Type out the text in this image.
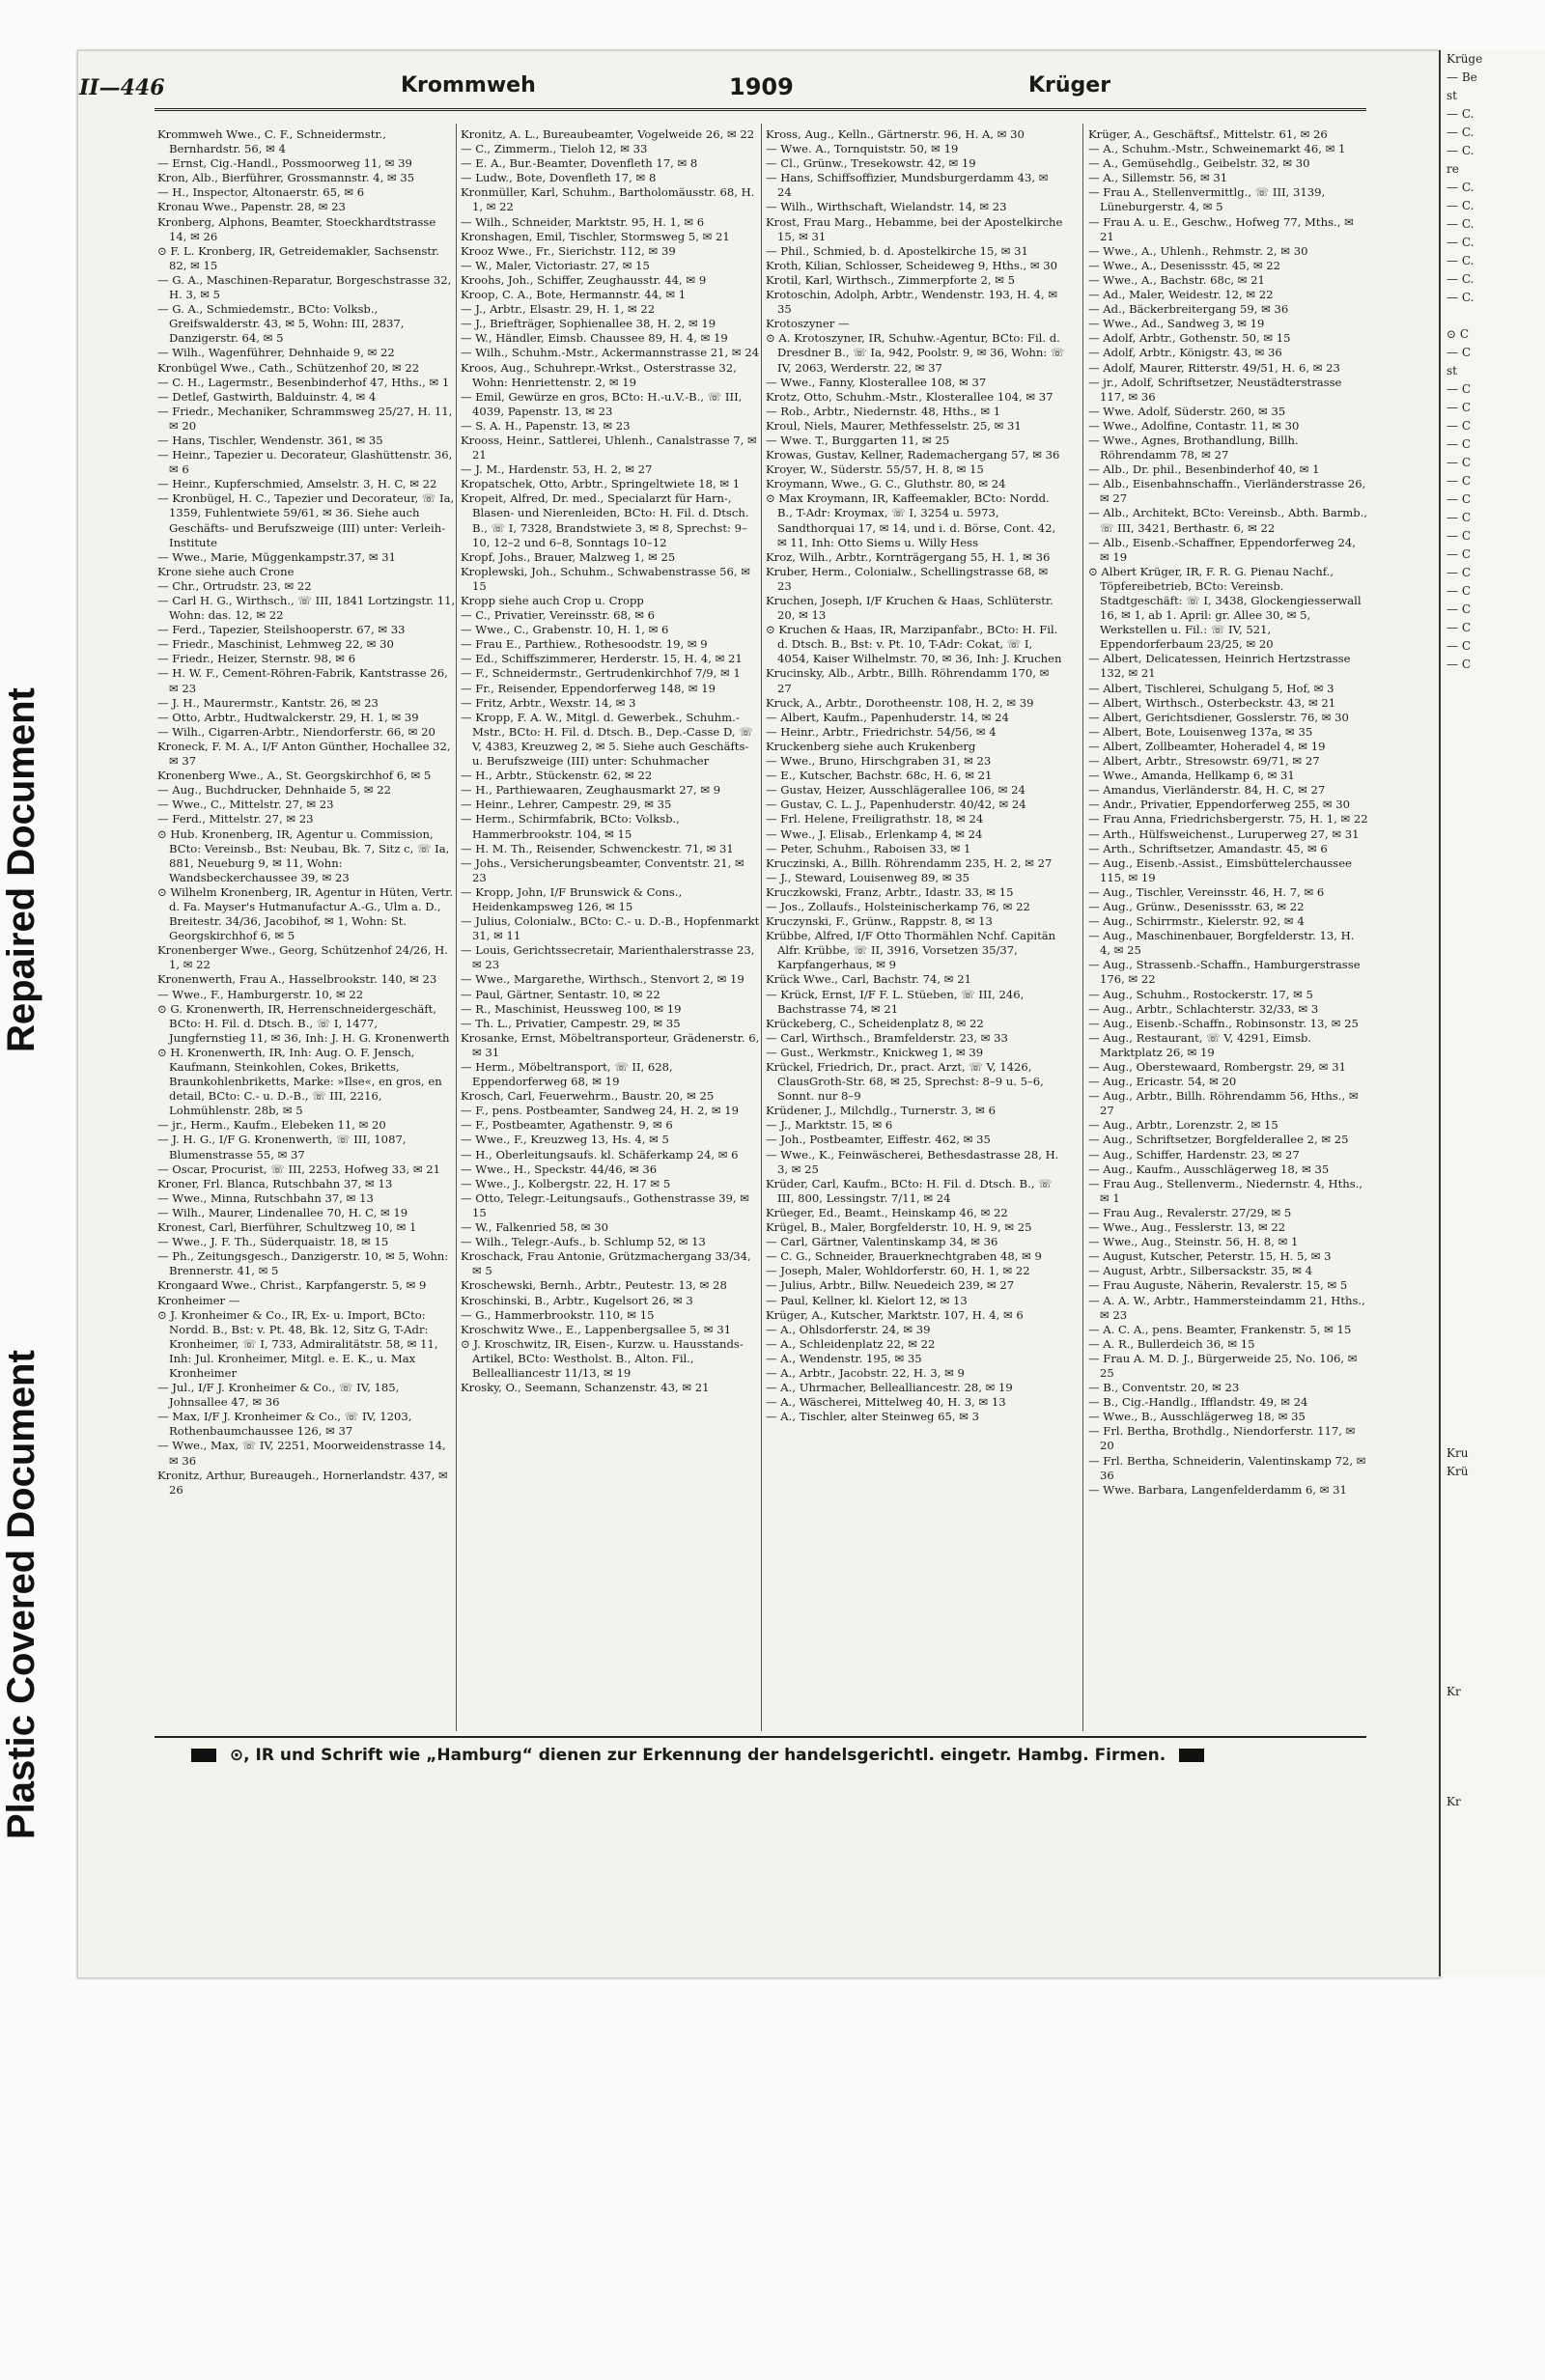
Repaired Document
Plastic Covered Document
Krüge
— Be
st
— C.
— C.
— C.
re
— C.
— C.
— C.
— C.
— C.
— C.
— C.

⊙ C
— C
st
— C
— C
— C
— C
— C
— C
— C
— C
— C
— C
— C
— C
— C
— C
— C
— C

Kru
Krü

Kr

Kr
II—446	Krommweh	1909	Krüger

Krommweh Wwe., C. F., Schneidermstr., Bernhardstr. 56, ✉ 4

— Ernst, Cig.-Handl., Possmoorweg 11, ✉ 39

Kron, Alb., Bierführer, Grossmannstr. 4, ✉ 35

— H., Inspector, Altonaerstr. 65, ✉ 6

Kronau Wwe., Papenstr. 28, ✉ 23

Kronberg, Alphons, Beamter, Stoeckhardtstrasse 14, ✉ 26

⊙ F. L. Kronberg, IR, Getreidemakler, Sachsenstr. 82, ✉ 15

— G. A., Maschinen-Reparatur, Borgeschstrasse 32, H. 3, ✉ 5

— G. A., Schmiedemstr., BCto: Volksb., Greifswalderstr. 43, ✉ 5, Wohn: III, 2837, Danzigerstr. 64, ✉ 5

— Wilh., Wagenführer, Dehnhaide 9, ✉ 22

Kronbügel Wwe., Cath., Schützenhof 20, ✉ 22

— C. H., Lagermstr., Besenbinderhof 47, Hths., ✉ 1

— Detlef, Gastwirth, Balduinstr. 4, ✉ 4

— Friedr., Mechaniker, Schrammsweg 25/27, H. 11, ✉ 20

— Hans, Tischler, Wendenstr. 361, ✉ 35

— Heinr., Tapezier u. Decorateur, Glashüttenstr. 36, ✉ 6

— Heinr., Kupferschmied, Amselstr. 3, H. C, ✉ 22

— Kronbügel, H. C., Tapezier und Decorateur, ☏ Ia, 1359, Fuhlentwiete 59/61, ✉ 36. Siehe auch Geschäfts- und Berufszweige (III) unter: Verleih-Institute

— Wwe., Marie, Müggenkampstr.37, ✉ 31

Krone siehe auch Crone

— Chr., Ortrudstr. 23, ✉ 22

— Carl H. G., Wirthsch., ☏ III, 1841 Lortzingstr. 11, Wohn: das. 12, ✉ 22

— Ferd., Tapezier, Steilshooperstr. 67, ✉ 33

— Friedr., Maschinist, Lehmweg 22, ✉ 30

— Friedr., Heizer, Sternstr. 98, ✉ 6

— H. W. F., Cement-Röhren-Fabrik, Kantstrasse 26, ✉ 23

— J. H., Maurermstr., Kantstr. 26, ✉ 23

— Otto, Arbtr., Hudtwalckerstr. 29, H. 1, ✉ 39

— Wilh., Cigarren-Arbtr., Niendorferstr. 66, ✉ 20

Kroneck, F. M. A., I/F Anton Günther, Hochallee 32, ✉ 37

Kronenberg Wwe., A., St. Georgskirchhof 6, ✉ 5

— Aug., Buchdrucker, Dehnhaide 5, ✉ 22

— Wwe., C., Mittelstr. 27, ✉ 23

— Ferd., Mittelstr. 27, ✉ 23

⊙ Hub. Kronenberg, IR, Agentur u. Commission, BCto: Vereinsb., Bst: Neubau, Bk. 7, Sitz c, ☏ Ia, 881, Neueburg 9, ✉ 11, Wohn: Wandsbeckerchaussee 39, ✉ 23

⊙ Wilhelm Kronenberg, IR, Agentur in Hüten, Vertr. d. Fa. Mayser's Hutmanufactur A.-G., Ulm a. D., Breitestr. 34/36, Jacobihof, ✉ 1, Wohn: St. Georgskirchhof 6, ✉ 5

Kronenberger Wwe., Georg, Schützenhof 24/26, H. 1, ✉ 22

Kronenwerth, Frau A., Hasselbrookstr. 140, ✉ 23

— Wwe., F., Hamburgerstr. 10, ✉ 22

⊙ G. Kronenwerth, IR, Herrenschneidergeschäft, BCto: H. Fil. d. Dtsch. B., ☏ I, 1477, Jungfernstieg 11, ✉ 36, Inh: J. H. G. Kronenwerth

⊙ H. Kronenwerth, IR, Inh: Aug. O. F. Jensch, Kaufmann, Steinkohlen, Cokes, Briketts, Braunkohlenbriketts, Marke: »Ilse«, en gros, en detail, BCto: C.- u. D.-B., ☏ III, 2216, Lohmühlenstr. 28b, ✉ 5

— jr., Herm., Kaufm., Elebeken 11, ✉ 20

— J. H. G., I/F G. Kronenwerth, ☏ III, 1087, Blumenstrasse 55, ✉ 37

— Oscar, Procurist, ☏ III, 2253, Hofweg 33, ✉ 21

Kroner, Frl. Blanca, Rutschbahn 37, ✉ 13

— Wwe., Minna, Rutschbahn 37, ✉ 13

— Wilh., Maurer, Lindenallee 70, H. C, ✉ 19

Kronest, Carl, Bierführer, Schultzweg 10, ✉ 1

— Wwe., J. F. Th., Süderquaistr. 18, ✉ 15

— Ph., Zeitungsgesch., Danzigerstr. 10, ✉ 5, Wohn: Brennerstr. 41, ✉ 5

Krongaard Wwe., Christ., Karpfangerstr. 5, ✉ 9

Kronheimer —

⊙ J. Kronheimer & Co., IR, Ex- u. Import, BCto: Nordd. B., Bst: v. Pt. 48, Bk. 12, Sitz G, T-Adr: Kronheimer, ☏ I, 733, Admiralitätstr. 58, ✉ 11, Inh: Jul. Kronheimer, Mitgl. e. E. K., u. Max Kronheimer

— Jul., I/F J. Kronheimer & Co., ☏ IV, 185, Johnsallee 47, ✉ 36

— Max, I/F J. Kronheimer & Co., ☏ IV, 1203, Rothenbaumchaussee 126, ✉ 37

— Wwe., Max, ☏ IV, 2251, Moorweidenstrasse 14, ✉ 36

Kronitz, Arthur, Bureaugeh., Hornerlandstr. 437, ✉ 26

Kronitz, A. L., Bureaubeamter, Vogelweide 26, ✉ 22

— C., Zimmerm., Tieloh 12, ✉ 33

— E. A., Bur.-Beamter, Dovenfleth 17, ✉ 8

— Ludw., Bote, Dovenfleth 17, ✉ 8

Kronmüller, Karl, Schuhm., Bartholomäusstr. 68, H. 1, ✉ 22

— Wilh., Schneider, Marktstr. 95, H. 1, ✉ 6

Kronshagen, Emil, Tischler, Stormsweg 5, ✉ 21

Krooz Wwe., Fr., Sierichstr. 112, ✉ 39

— W., Maler, Victoriastr. 27, ✉ 15

Kroohs, Joh., Schiffer, Zeughausstr. 44, ✉ 9

Kroop, C. A., Bote, Hermannstr. 44, ✉ 1

— J., Arbtr., Elsastr. 29, H. 1, ✉ 22

— J., Briefträger, Sophienallee 38, H. 2, ✉ 19

— W., Händler, Eimsb. Chaussee 89, H. 4, ✉ 19

— Wilh., Schuhm.-Mstr., Ackermannstrasse 21, ✉ 24

Kroos, Aug., Schuhrepr.-Wrkst., Osterstrasse 32, Wohn: Henriettenstr. 2, ✉ 19

— Emil, Gewürze en gros, BCto: H.-u.V.-B., ☏ III, 4039, Papenstr. 13, ✉ 23

— S. A. H., Papenstr. 13, ✉ 23

Krooss, Heinr., Sattlerei, Uhlenh., Canalstrasse 7, ✉ 21

— J. M., Hardenstr. 53, H. 2, ✉ 27

Kropatschek, Otto, Arbtr., Springeltwiete 18, ✉ 1

Kropeit, Alfred, Dr. med., Specialarzt für Harn-, Blasen- und Nierenleiden, BCto: H. Fil. d. Dtsch. B., ☏ I, 7328, Brandstwiete 3, ✉ 8, Sprechst: 9–10, 12–2 und 6–8, Sonntags 10–12

Kropf, Johs., Brauer, Malzweg 1, ✉ 25

Kroplewski, Joh., Schuhm., Schwabenstrasse 56, ✉ 15

Kropp siehe auch Crop u. Cropp

— C., Privatier, Vereinsstr. 68, ✉ 6

— Wwe., C., Grabenstr. 10, H. 1, ✉ 6

— Frau E., Parthiew., Rothesoodstr. 19, ✉ 9

— Ed., Schiffszimmerer, Herderstr. 15, H. 4, ✉ 21

— F., Schneidermstr., Gertrudenkirchhof 7/9, ✉ 1

— Fr., Reisender, Eppendorferweg 148, ✉ 19

— Fritz, Arbtr., Wexstr. 14, ✉ 3

— Kropp, F. A. W., Mitgl. d. Gewerbek., Schuhm.-Mstr., BCto: H. Fil. d. Dtsch. B., Dep.-Casse D, ☏ V, 4383, Kreuzweg 2, ✉ 5. Siehe auch Geschäfts- u. Berufszweige (III) unter: Schuhmacher

— H., Arbtr., Stückenstr. 62, ✉ 22

— H., Parthiewaaren, Zeughausmarkt 27, ✉ 9

— Heinr., Lehrer, Campestr. 29, ✉ 35

— Herm., Schirmfabrik, BCto: Volksb., Hammerbrookstr. 104, ✉ 15

— H. M. Th., Reisender, Schwenckestr. 71, ✉ 31

— Johs., Versicherungsbeamter, Conventstr. 21, ✉ 23

— Kropp, John, I/F Brunswick & Cons., Heidenkampsweg 126, ✉ 15

— Julius, Colonialw., BCto: C.- u. D.-B., Hopfenmarkt 31, ✉ 11

— Louis, Gerichtssecretair, Marienthalerstrasse 23, ✉ 23

— Wwe., Margarethe, Wirthsch., Stenvort 2, ✉ 19

— Paul, Gärtner, Sentastr. 10, ✉ 22

— R., Maschinist, Heussweg 100, ✉ 19

— Th. L., Privatier, Campestr. 29, ✉ 35

Krosanke, Ernst, Möbeltransporteur, Grädenerstr. 6, ✉ 31

— Herm., Möbeltransport, ☏ II, 628, Eppendorferweg 68, ✉ 19

Krosch, Carl, Feuerwehrm., Baustr. 20, ✉ 25

— F., pens. Postbeamter, Sandweg 24, H. 2, ✉ 19

— F., Postbeamter, Agathenstr. 9, ✉ 6

— Wwe., F., Kreuzweg 13, Hs. 4, ✉ 5

— H., Oberleitungsaufs. kl. Schäferkamp 24, ✉ 6

— Wwe., H., Speckstr. 44/46, ✉ 36

— Wwe., J., Kolbergstr. 22, H. 17 ✉ 5

— Otto, Telegr.-Leitungsaufs., Gothenstrasse 39, ✉ 15

— W., Falkenried 58, ✉ 30

— Wilh., Telegr.-Aufs., b. Schlump 52, ✉ 13

Kroschack, Frau Antonie, Grützmachergang 33/34, ✉ 5

Kroschewski, Bernh., Arbtr., Peutestr. 13, ✉ 28

Kroschinski, B., Arbtr., Kugelsort 26, ✉ 3

— G., Hammerbrookstr. 110, ✉ 15

Kroschwitz Wwe., E., Lappenbergsallee 5, ✉ 31

⊙ J. Kroschwitz, IR, Eisen-, Kurzw. u. Hausstands-Artikel, BCto: Westholst. B., Alton. Fil., Bellealliancestr 11/13, ✉ 19

Krosky, O., Seemann, Schanzenstr. 43, ✉ 21

Kross, Aug., Kelln., Gärtnerstr. 96, H. A, ✉ 30

— Wwe. A., Tornquiststr. 50, ✉ 19

— Cl., Grünw., Tresekowstr. 42, ✉ 19

— Hans, Schiffsoffizier, Mundsburgerdamm 43, ✉ 24

— Wilh., Wirthschaft, Wielandstr. 14, ✉ 23

Krost, Frau Marg., Hebamme, bei der Apostelkirche 15, ✉ 31

— Phil., Schmied, b. d. Apostelkirche 15, ✉ 31

Kroth, Kilian, Schlosser, Scheideweg 9, Hths., ✉ 30

Krotil, Karl, Wirthsch., Zimmerpforte 2, ✉ 5

Krotoschin, Adolph, Arbtr., Wendenstr. 193, H. 4, ✉ 35

Krotoszyner —

⊙ A. Krotoszyner, IR, Schuhw.-Agentur, BCto: Fil. d. Dresdner B., ☏ Ia, 942, Poolstr. 9, ✉ 36, Wohn: ☏ IV, 2063, Werderstr. 22, ✉ 37

— Wwe., Fanny, Klosterallee 108, ✉ 37

Krotz, Otto, Schuhm.-Mstr., Klosterallee 104, ✉ 37

— Rob., Arbtr., Niedernstr. 48, Hths., ✉ 1

Kroul, Niels, Maurer, Methfesselstr. 25, ✉ 31

— Wwe. T., Burggarten 11, ✉ 25

Krowas, Gustav, Kellner, Rademachergang 57, ✉ 36

Kroyer, W., Süderstr. 55/57, H. 8, ✉ 15

Kroymann, Wwe., G. C., Gluthstr. 80, ✉ 24

⊙ Max Kroymann, IR, Kaffeemakler, BCto: Nordd. B., T-Adr: Kroymax, ☏ I, 3254 u. 5973, Sandthorquai 17, ✉ 14, und i. d. Börse, Cont. 42, ✉ 11, Inh: Otto Siems u. Willy Hess

Kroz, Wilh., Arbtr., Kornträgergang 55, H. 1, ✉ 36

Kruber, Herm., Colonialw., Schellingstrasse 68, ✉ 23

Kruchen, Joseph, I/F Kruchen & Haas, Schlüterstr. 20, ✉ 13

⊙ Kruchen & Haas, IR, Marzipanfabr., BCto: H. Fil. d. Dtsch. B., Bst: v. Pt. 10, T-Adr: Cokat, ☏ I, 4054, Kaiser Wilhelmstr. 70, ✉ 36, Inh: J. Kruchen

Krucinsky, Alb., Arbtr., Billh. Röhrendamm 170, ✉ 27

Kruck, A., Arbtr., Dorotheenstr. 108, H. 2, ✉ 39

— Albert, Kaufm., Papenhuderstr. 14, ✉ 24

— Heinr., Arbtr., Friedrichstr. 54/56, ✉ 4

Kruckenberg siehe auch Krukenberg

— Wwe., Bruno, Hirschgraben 31, ✉ 23

— E., Kutscher, Bachstr. 68c, H. 6, ✉ 21

— Gustav, Heizer, Ausschlägerallee 106, ✉ 24

— Gustav, C. L. J., Papenhuderstr. 40/42, ✉ 24

— Frl. Helene, Freiligrathstr. 18, ✉ 24

— Wwe., J. Elisab., Erlenkamp 4, ✉ 24

— Peter, Schuhm., Raboisen 33, ✉ 1

Kruczinski, A., Billh. Röhrendamm 235, H. 2, ✉ 27

— J., Steward, Louisenweg 89, ✉ 35

Kruczkowski, Franz, Arbtr., Idastr. 33, ✉ 15

— Jos., Zollaufs., Holsteinischerkamp 76, ✉ 22

Kruczynski, F., Grünw., Rappstr. 8, ✉ 13

Krübbe, Alfred, I/F Otto Thormählen Nchf. Capitän Alfr. Krübbe, ☏ II, 3916, Vorsetzen 35/37, Karpfangerhaus, ✉ 9

Krück Wwe., Carl, Bachstr. 74, ✉ 21

— Krück, Ernst, I/F F. L. Stüeben, ☏ III, 246, Bachstrasse 74, ✉ 21

Krückeberg, C., Scheidenplatz 8, ✉ 22

— Carl, Wirthsch., Bramfelderstr. 23, ✉ 33

— Gust., Werkmstr., Knickweg 1, ✉ 39

Krückel, Friedrich, Dr., pract. Arzt, ☏ V, 1426, ClausGroth-Str. 68, ✉ 25, Sprechst: 8–9 u. 5–6, Sonnt. nur 8–9

Krüdener, J., Milchdlg., Turnerstr. 3, ✉ 6

— J., Marktstr. 15, ✉ 6

— Joh., Postbeamter, Eiffestr. 462, ✉ 35

— Wwe., K., Feinwäscherei, Bethesdastrasse 28, H. 3, ✉ 25

Krüder, Carl, Kaufm., BCto: H. Fil. d. Dtsch. B., ☏ III, 800, Lessingstr. 7/11, ✉ 24

Krüeger, Ed., Beamt., Heinskamp 46, ✉ 22

Krügel, B., Maler, Borgfelderstr. 10, H. 9, ✉ 25

— Carl, Gärtner, Valentinskamp 34, ✉ 36

— C. G., Schneider, Brauerknechtgraben 48, ✉ 9

— Joseph, Maler, Wohldorferstr. 60, H. 1, ✉ 22

— Julius, Arbtr., Billw. Neuedeich 239, ✉ 27

— Paul, Kellner, kl. Kielort 12, ✉ 13

Krüger, A., Kutscher, Marktstr. 107, H. 4, ✉ 6

— A., Ohlsdorferstr. 24, ✉ 39

— A., Schleidenplatz 22, ✉ 22

— A., Wendenstr. 195, ✉ 35

— A., Arbtr., Jacobstr. 22, H. 3, ✉ 9

— A., Uhrmacher, Bellealliancestr. 28, ✉ 19

— A., Wäscherei, Mittelweg 40, H. 3, ✉ 13

— A., Tischler, alter Steinweg 65, ✉ 3

Krüger, A., Geschäftsf., Mittelstr. 61, ✉ 26

— A., Schuhm.-Mstr., Schweinemarkt 46, ✉ 1

— A., Gemüsehdlg., Geibelstr. 32, ✉ 30

— A., Sillemstr. 56, ✉ 31

— Frau A., Stellenvermittlg., ☏ III, 3139, Lüneburgerstr. 4, ✉ 5

— Frau A. u. E., Geschw., Hofweg 77, Mths., ✉ 21

— Wwe., A., Uhlenh., Rehmstr. 2, ✉ 30

— Wwe., A., Desenissstr. 45, ✉ 22

— Wwe., A., Bachstr. 68c, ✉ 21

— Ad., Maler, Weidestr. 12, ✉ 22

— Ad., Bäckerbreitergang 59, ✉ 36

— Wwe., Ad., Sandweg 3, ✉ 19

— Adolf, Arbtr., Gothenstr. 50, ✉ 15

— Adolf, Arbtr., Königstr. 43, ✉ 36

— Adolf, Maurer, Ritterstr. 49/51, H. 6, ✉ 23

— jr., Adolf, Schriftsetzer, Neustädterstrasse 117, ✉ 36

— Wwe. Adolf, Süderstr. 260, ✉ 35

— Wwe., Adolfine, Contastr. 11, ✉ 30

— Wwe., Agnes, Brothandlung, Billh. Röhrendamm 78, ✉ 27

— Alb., Dr. phil., Besenbinderhof 40, ✉ 1

— Alb., Eisenbahnschaffn., Vierländerstrasse 26, ✉ 27

— Alb., Architekt, BCto: Vereinsb., Abth. Barmb., ☏ III, 3421, Berthastr. 6, ✉ 22

— Alb., Eisenb.-Schaffner, Eppendorferweg 24, ✉ 19

⊙ Albert Krüger, IR, F. R. G. Pienau Nachf., Töpfereibetrieb, BCto: Vereinsb. Stadtgeschäft: ☏ I, 3438, Glockengiesserwall 16, ✉ 1, ab 1. April: gr. Allee 30, ✉ 5, Werkstellen u. Fil.: ☏ IV, 521, Eppendorferbaum 23/25, ✉ 20

— Albert, Delicatessen, Heinrich Hertzstrasse 132, ✉ 21

— Albert, Tischlerei, Schulgang 5, Hof, ✉ 3

— Albert, Wirthsch., Osterbeckstr. 43, ✉ 21

— Albert, Gerichtsdiener, Gosslerstr. 76, ✉ 30

— Albert, Bote, Louisenweg 137a, ✉ 35

— Albert, Zollbeamter, Hoheradel 4, ✉ 19

— Albert, Arbtr., Stresowstr. 69/71, ✉ 27

— Wwe., Amanda, Hellkamp 6, ✉ 31

— Amandus, Vierländerstr. 84, H. C, ✉ 27

— Andr., Privatier, Eppendorferweg 255, ✉ 30

— Frau Anna, Friedrichsbergerstr. 75, H. 1, ✉ 22

— Arth., Hülfsweichenst., Luruperweg 27, ✉ 31

— Arth., Schriftsetzer, Amandastr. 45, ✉ 6

— Aug., Eisenb.-Assist., Eimsbüttelerchaussee 115, ✉ 19

— Aug., Tischler, Vereinsstr. 46, H. 7, ✉ 6

— Aug., Grünw., Desenissstr. 63, ✉ 22

— Aug., Schirrmstr., Kielerstr. 92, ✉ 4

— Aug., Maschinenbauer, Borgfelderstr. 13, H. 4, ✉ 25

— Aug., Strassenb.-Schaffn., Hamburgerstrasse 176, ✉ 22

— Aug., Schuhm., Rostockerstr. 17, ✉ 5

— Aug., Arbtr., Schlachterstr. 32/33, ✉ 3

— Aug., Eisenb.-Schaffn., Robinsonstr. 13, ✉ 25

— Aug., Restaurant, ☏ V, 4291, Eimsb. Marktplatz 26, ✉ 19

— Aug., Oberstewaard, Rombergstr. 29, ✉ 31

— Aug., Ericastr. 54, ✉ 20

— Aug., Arbtr., Billh. Röhrendamm 56, Hths., ✉ 27

— Aug., Arbtr., Lorenzstr. 2, ✉ 15

— Aug., Schriftsetzer, Borgfelderallee 2, ✉ 25

— Aug., Schiffer, Hardenstr. 23, ✉ 27

— Aug., Kaufm., Ausschlägerweg 18, ✉ 35

— Frau Aug., Stellenverm., Niedernstr. 4, Hths., ✉ 1

— Frau Aug., Revalerstr. 27/29, ✉ 5

— Wwe., Aug., Fesslerstr. 13, ✉ 22

— Wwe., Aug., Steinstr. 56, H. 8, ✉ 1

— August, Kutscher, Peterstr. 15, H. 5, ✉ 3

— August, Arbtr., Silbersackstr. 35, ✉ 4

— Frau Auguste, Näherin, Revalerstr. 15, ✉ 5

— A. A. W., Arbtr., Hammersteindamm 21, Hths., ✉ 23

— A. C. A., pens. Beamter, Frankenstr. 5, ✉ 15

— A. R., Bullerdeich 36, ✉ 15

— Frau A. M. D. J., Bürgerweide 25, No. 106, ✉ 25

— B., Conventstr. 20, ✉ 23

— B., Cig.-Handlg., Ifflandstr. 49, ✉ 24

— Wwe., B., Ausschlägerweg 18, ✉ 35

— Frl. Bertha, Brothdlg., Niendorferstr. 117, ✉ 20

— Frl. Bertha, Schneiderin, Valentinskamp 72, ✉ 36

— Wwe. Barbara, Langenfelderdamm 6, ✉ 31

⊙, IR und Schrift wie „Hamburg“ dienen zur Erkennung der handelsgerichtl. eingetr. Hambg. Firmen.
